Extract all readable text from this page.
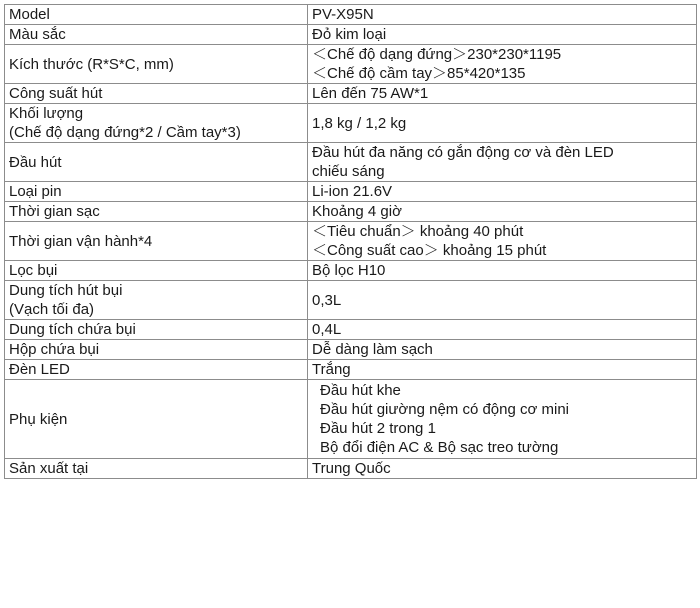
Model	PV-X95N

Màu sắc	Đỏ kim loại

Kích thước (R*S*C, mm)	＜Chế độ dạng đứng＞230*230*1195
＜Chế độ cầm tay＞85*420*135

Công suất hút	Lên đến 75 AW*1

Khối lượng
(Chế độ dạng đứng*2 / Cầm tay*3)	1,8 kg / 1,2 kg

Đầu hút	Đầu hút đa năng có gắn động cơ và đèn LED
chiếu sáng

Loại pin	Li-ion 21.6V

Thời gian sạc	Khoảng 4 giờ

Thời gian vận hành*4	＜Tiêu chuẩn＞ khoảng 40 phút
＜Công suất cao＞ khoảng 15 phút

Lọc bụi	Bộ lọc H10

Dung tích hút bụi
(Vạch tối đa)	0,3L

Dung tích chứa bụi	0,4L

Hộp chứa bụi	Dễ dàng làm sạch

Đèn LED	Trắng

Phụ kiện	Đầu hút khe
Đầu hút giường nệm có động cơ mini
Đầu hút 2 trong 1
Bộ đổi điện AC & Bộ sạc treo tường

Sản xuất tại	Trung Quốc
